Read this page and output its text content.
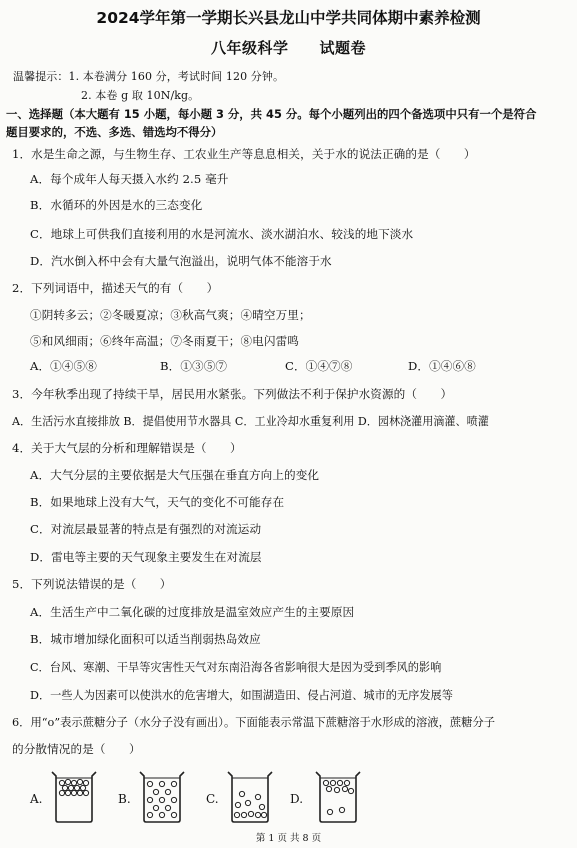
2024学年第一学期长兴县龙山中学共同体期中素养检测
八年级科学　　试题卷
温馨提示：1. 本卷满分 160 分，考试时间 120 分钟。
2. 本卷 g 取 10N/kg。
一、选择题（本大题有 15 小题，每小题 3 分，共 45 分。每个小题列出的四个备选项中只有一个是符合
题目要求的，不选、多选、错选均不得分）
1．水是生命之源，与生物生存、工农业生产等息息相关，关于水的说法正确的是（　　）
A．每个成年人每天摄入水约 2.5 毫升
B．水循环的外因是水的三态变化
C．地球上可供我们直接利用的水是河流水、淡水湖泊水、较浅的地下淡水
D．汽水倒入杯中会有大量气泡溢出，说明气体不能溶于水
2．下列词语中，描述天气的有（　　）
①阴转多云；②冬暖夏凉；③秋高气爽；④晴空万里；
⑤和风细雨；⑥终年高温；⑦冬雨夏干；⑧电闪雷鸣
A．①④⑤⑧	B．①③⑤⑦	C．①④⑦⑧	D．①④⑥⑧
3．今年秋季出现了持续干旱，居民用水紧张。下列做法不利于保护水资源的（　　）
A．生活污水直接排放 B．提倡使用节水器具 C．工业冷却水重复利用 D．园林浇灌用滴灌、喷灌
4．关于大气层的分析和理解错误是（　　）
A．大气分层的主要依据是大气压强在垂直方向上的变化
B．如果地球上没有大气，天气的变化不可能存在
C．对流层最显著的特点是有强烈的对流运动
D．雷电等主要的天气现象主要发生在对流层
5．下列说法错误的是（　　）
A．生活生产中二氧化碳的过度排放是温室效应产生的主要原因
B．城市增加绿化面积可以适当削弱热岛效应
C．台风、寒潮、干旱等灾害性天气对东南沿海各省影响很大是因为受到季风的影响
D．一些人为因素可以使洪水的危害增大，如围湖造田、侵占河道、城市的无序发展等
6．用“o”表示蔗糖分子（水分子没有画出）。下面能表示常温下蔗糖溶于水形成的溶液，蔗糖分子
的分散情况的是（　　）
A.	B.	C.	D.
第 1 页 共 8 页
